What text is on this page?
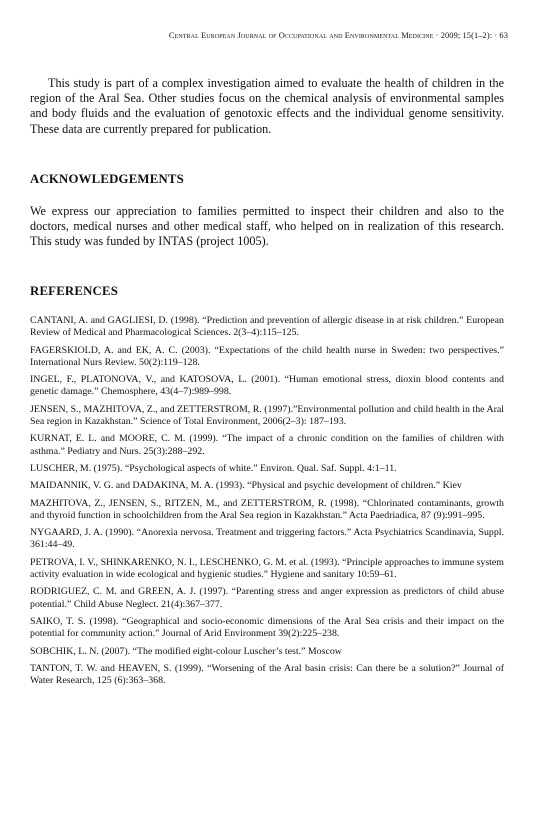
Central European Journal of Occupational and Environmental Medicine · 2009; 15(1–2): · 63

This study is part of a complex investigation aimed to evaluate the health of children in the region of the Aral Sea. Other studies focus on the chemical analysis of environmental samples and body fluids and the evaluation of genotoxic effects and the individual genome sensitivity. These data are currently prepared for publication.

ACKNOWLEDGEMENTS

We express our appreciation to families permitted to inspect their children and also to the doctors, medical nurses and other medical staff, who helped on in realization of this research. This study was funded by INTAS (project 1005).

REFERENCES

CANTANI, A. and GAGLIESI, D. (1998). “Prediction and prevention of allergic disease in at risk children.” European Review of Medical and Pharmacological Sciences. 2(3–4):115–125.

FAGERSKIOLD, A. and EK, A. C. (2003). “Expectations of the child health nurse in Sweden: two perspectives.” International Nurs Review. 50(2):119–128.

INGEL, F., PLATONOVA, V., and KATOSOVA, L. (2001). “Human emotional stress, dioxin blood contents and genetic damage.” Chemosphere, 43(4–7):989–998.

JENSEN, S., MAZHITOVA, Z., and ZETTERSTROM, R. (1997).”Environmental pollution and child health in the Aral Sea region in Kazakhstan.” Science of Total Environment, 2006(2–3): 187–193.

KURNAT, E. L. and MOORE, C. M. (1999). “The impact of a chronic condition on the families of children with asthma.” Pediatry and Nurs. 25(3):288–292.

LUSCHER, M. (1975). “Psychological aspects of white.” Environ. Qual. Saf. Suppl. 4:1–11.

MAIDANNIK, V. G. and DADAKINA, M. A. (1993). “Physical and psychic development of children.” Kiev

MAZHITOVA, Z., JENSEN, S., RITZEN, M., and ZETTERSTROM, R. (1998). “Chlorinated contaminants, growth and thyroid function in schoolchildren from the Aral Sea region in Kazakhstan.” Acta Paedriadica, 87 (9):991–995.

NYGAARD, J. A. (1990). “Anorexia nervosa. Treatment and triggering factors.” Acta Psychiatrics Scandinavia, Suppl. 361:44–49.

PETROVA, I. V., SHINKARENKO, N. I., LESCHENKO, G. M. et al. (1993). “Principle approaches to immune system activity evaluation in wide ecological and hygienic studies.” Hygiene and sanitary 10:59–61.

RODRIGUEZ, C. M. and GREEN, A. J. (1997). “Parenting stress and anger expression as predictors of child abuse potential.” Child Abuse Neglect. 21(4):367–377.

SAIKO, T. S. (1998). “Geographical and socio-economic dimensions of the Aral Sea crisis and their impact on the potential for community action.” Journal of Arid Environment 39(2):225–238.

SOBCHIK, L. N. (2007). “The modified eight-colour Luscher’s test.” Moscow

TANTON, T. W. and HEAVEN, S. (1999). “Worsening of the Aral basin crisis: Can there be a solution?” Journal of Water Research, 125 (6):363–368.
